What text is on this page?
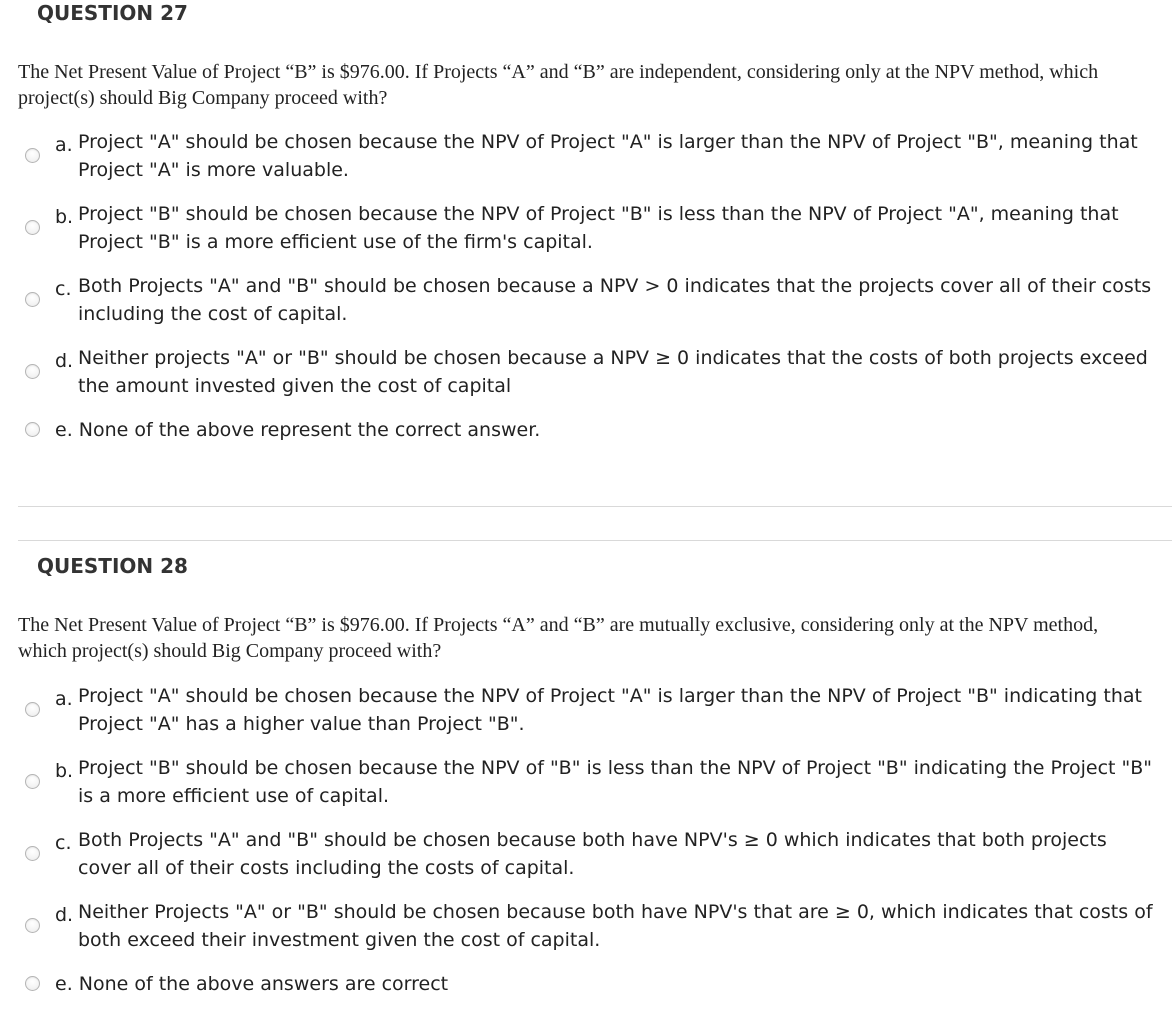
QUESTION 27

The Net Present Value of Project “B” is $976.00. If Projects “A” and “B” are independent, considering only at the NPV method, which project(s) should Big Company proceed with?

a. Project "A" should be chosen because the NPV of Project "A" is larger than the NPV of Project "B", meaning that Project "A" is more valuable.

b. Project "B" should be chosen because the NPV of Project "B" is less than the NPV of Project "A", meaning that Project "B" is a more efficient use of the firm's capital.

c. Both Projects "A" and "B" should be chosen because a NPV > 0 indicates that the projects cover all of their costs including the cost of capital.

d. Neither projects "A" or "B" should be chosen because a NPV ≥ 0 indicates that the costs of both projects exceed the amount invested given the cost of capital

e. None of the above represent the correct answer.

QUESTION 28

The Net Present Value of Project “B” is $976.00. If Projects “A” and “B” are mutually exclusive, considering only at the NPV method, which project(s) should Big Company proceed with?

a. Project "A" should be chosen because the NPV of Project "A" is larger than the NPV of Project "B" indicating that Project "A" has a higher value than Project "B".

b. Project "B" should be chosen because the NPV of "B" is less than the NPV of Project "B" indicating the Project "B" is a more efficient use of capital.

c. Both Projects "A" and "B" should be chosen because both have NPV's ≥ 0 which indicates that both projects cover all of their costs including the costs of capital.

d. Neither Projects "A" or "B" should be chosen because both have NPV's that are ≥ 0, which indicates that costs of both exceed their investment given the cost of capital.

e. None of the above answers are correct
